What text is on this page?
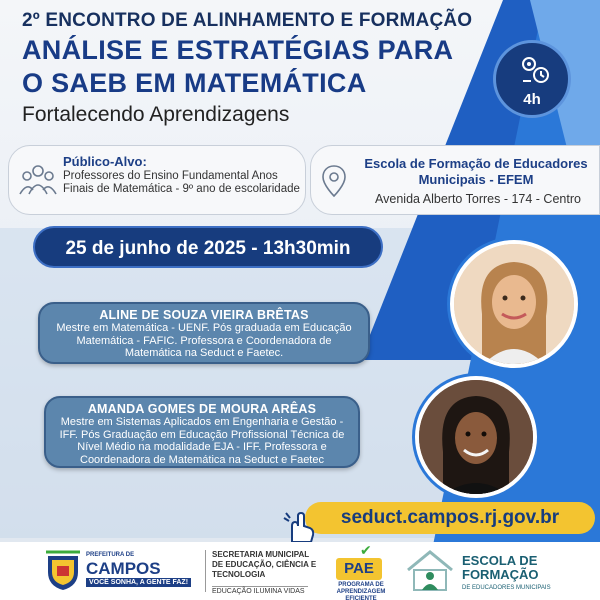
2º ENCONTRO DE ALINHAMENTO E FORMAÇÃO
ANÁLISE E ESTRATÉGIAS PARA
O SAEB EM MATEMÁTICA
Fortalecendo Aprendizagens
4h
Público-Alvo:
Professores do Ensino Fundamental Anos Finais de Matemática - 9º ano de escolaridade
Escola de Formação de Educadores Municipais - EFEM
Avenida Alberto Torres - 174 - Centro
25 de junho de 2025 - 13h30min
ALINE DE SOUZA VIEIRA BRÊTAS
Mestre em Matemática - UENF. Pós graduada em Educação Matemática - FAFIC. Professora e Coordenadora de Matemática na Seduct e Faetec.
AMANDA GOMES DE MOURA ARÊAS
Mestre em Sistemas Aplicados em Engenharia e Gestão - IFF. Pós Graduação em Educação Profissional Técnica de Nível Médio na modalidade EJA - IFF. Professora e Coordenadora de Matemática na Seduct e Faetec
seduct.campos.rj.gov.br
PREFEITURA DE
CAMPOS
VOCÊ SONHA, A GENTE FAZ!
SECRETARIA MUNICIPAL DE EDUCAÇÃO, CIÊNCIA E TECNOLOGIA
EDUCAÇÃO ILUMINA VIDAS
✔
PAE
PROGRAMA DE APRENDIZAGEM EFICIENTE
ESCOLA DE FORMAÇÃO
DE EDUCADORES MUNICIPAIS
